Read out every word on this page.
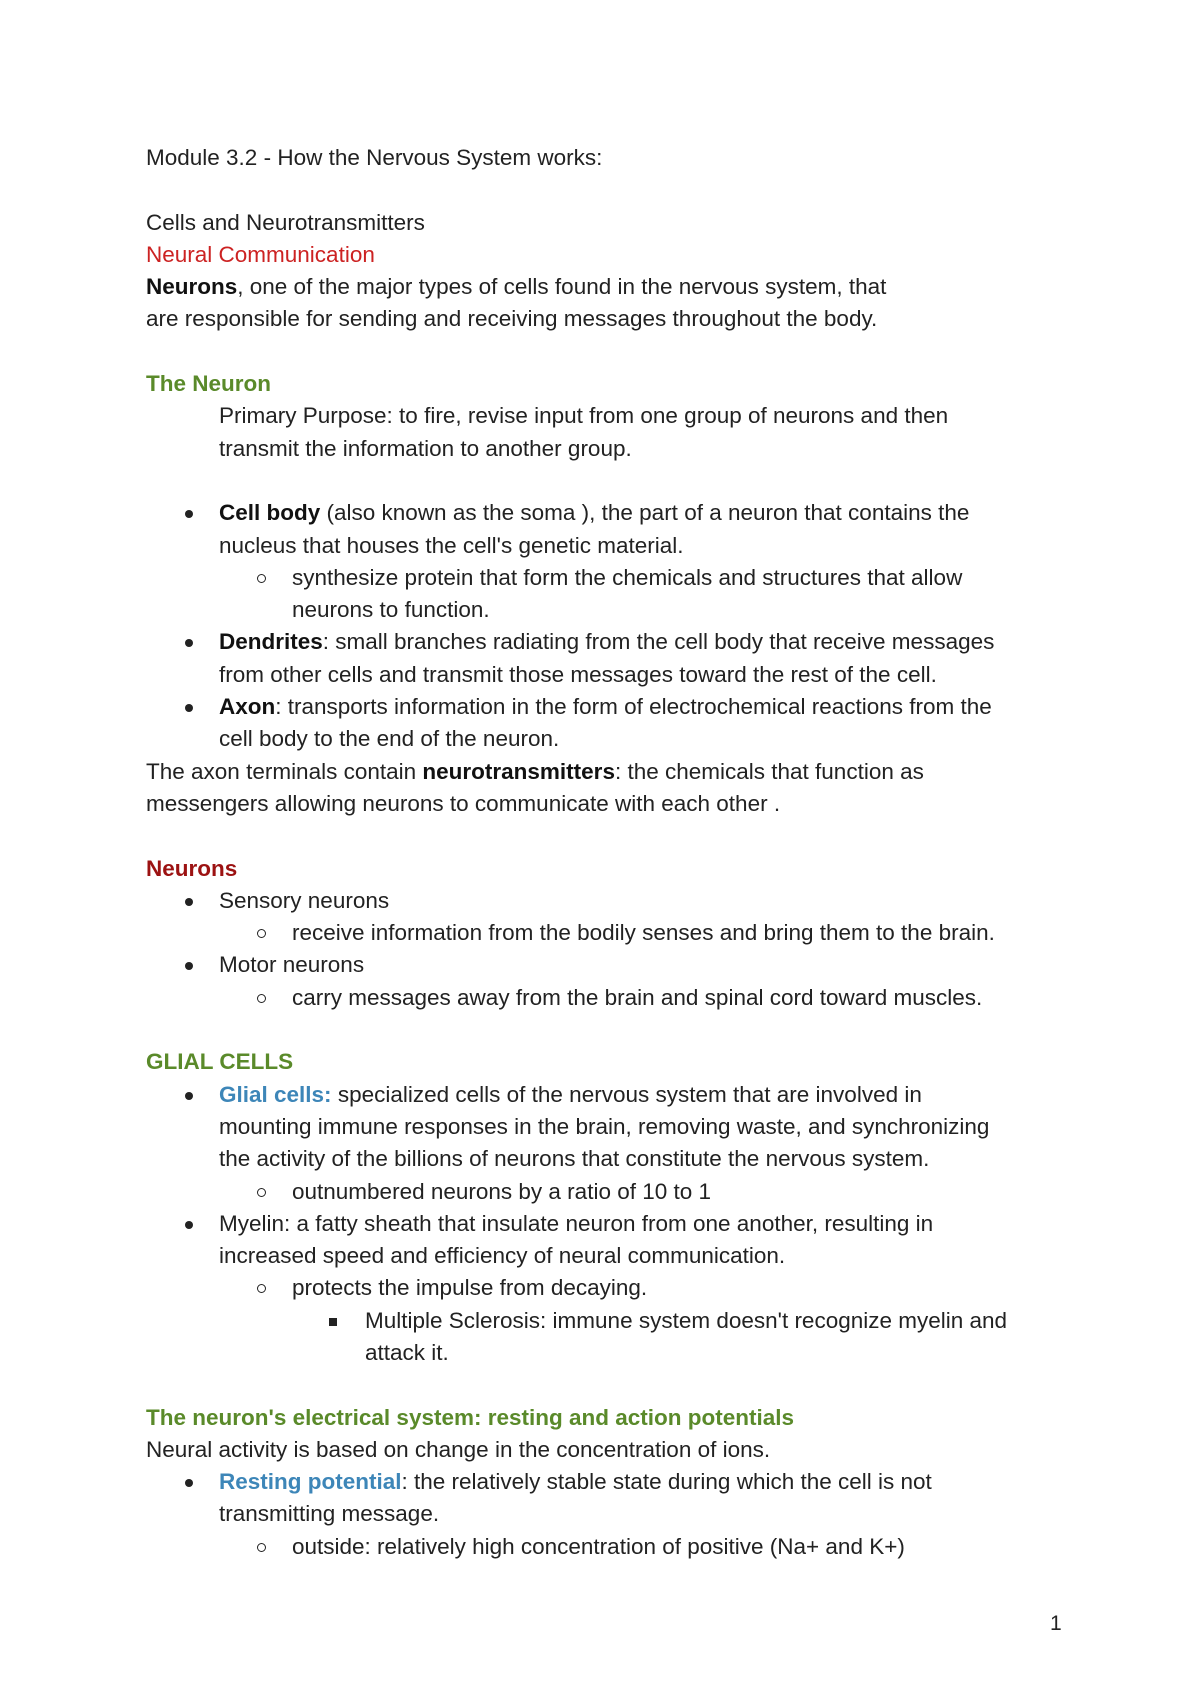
Module 3.2 - How the Nervous System works:

Cells and Neurotransmitters

Neural Communication

Neurons, one of the major types of cells found in the nervous system, that

are responsible for sending and receiving messages throughout the body.

The Neuron

Primary Purpose: to fire, revise input from one group of neurons and then

transmit the information to another group.

Cell body (also known as the soma ), the part of a neuron that contains the
nucleus that houses the cell's genetic material.
synthesize protein that form the chemicals and structures that allow
neurons to function.
Dendrites: small branches radiating from the cell body that receive messages
from other cells and transmit those messages toward the rest of the cell.
Axon: transports information in the form of electrochemical reactions from the
cell body to the end of the neuron.

The axon terminals contain neurotransmitters: the chemicals that function as

messengers allowing neurons to communicate with each other .

Neurons

Sensory neurons
receive information from the bodily senses and bring them to the brain.
Motor neurons
carry messages away from the brain and spinal cord toward muscles.

GLIAL CELLS

Glial cells: specialized cells of the nervous system that are involved in
mounting immune responses in the brain, removing waste, and synchronizing
the activity of the billions of neurons that constitute the nervous system.
outnumbered neurons by a ratio of 10 to 1
Myelin: a fatty sheath that insulate neuron from one another, resulting in
increased speed and efficiency of neural communication.
protects the impulse from decaying.
Multiple Sclerosis: immune system doesn't recognize myelin and
attack it.

The neuron's electrical system: resting and action potentials

Neural activity is based on change in the concentration of ions.

Resting potential: the relatively stable state during which the cell is not
transmitting message.
outside: relatively high concentration of positive (Na+ and K+)
1
